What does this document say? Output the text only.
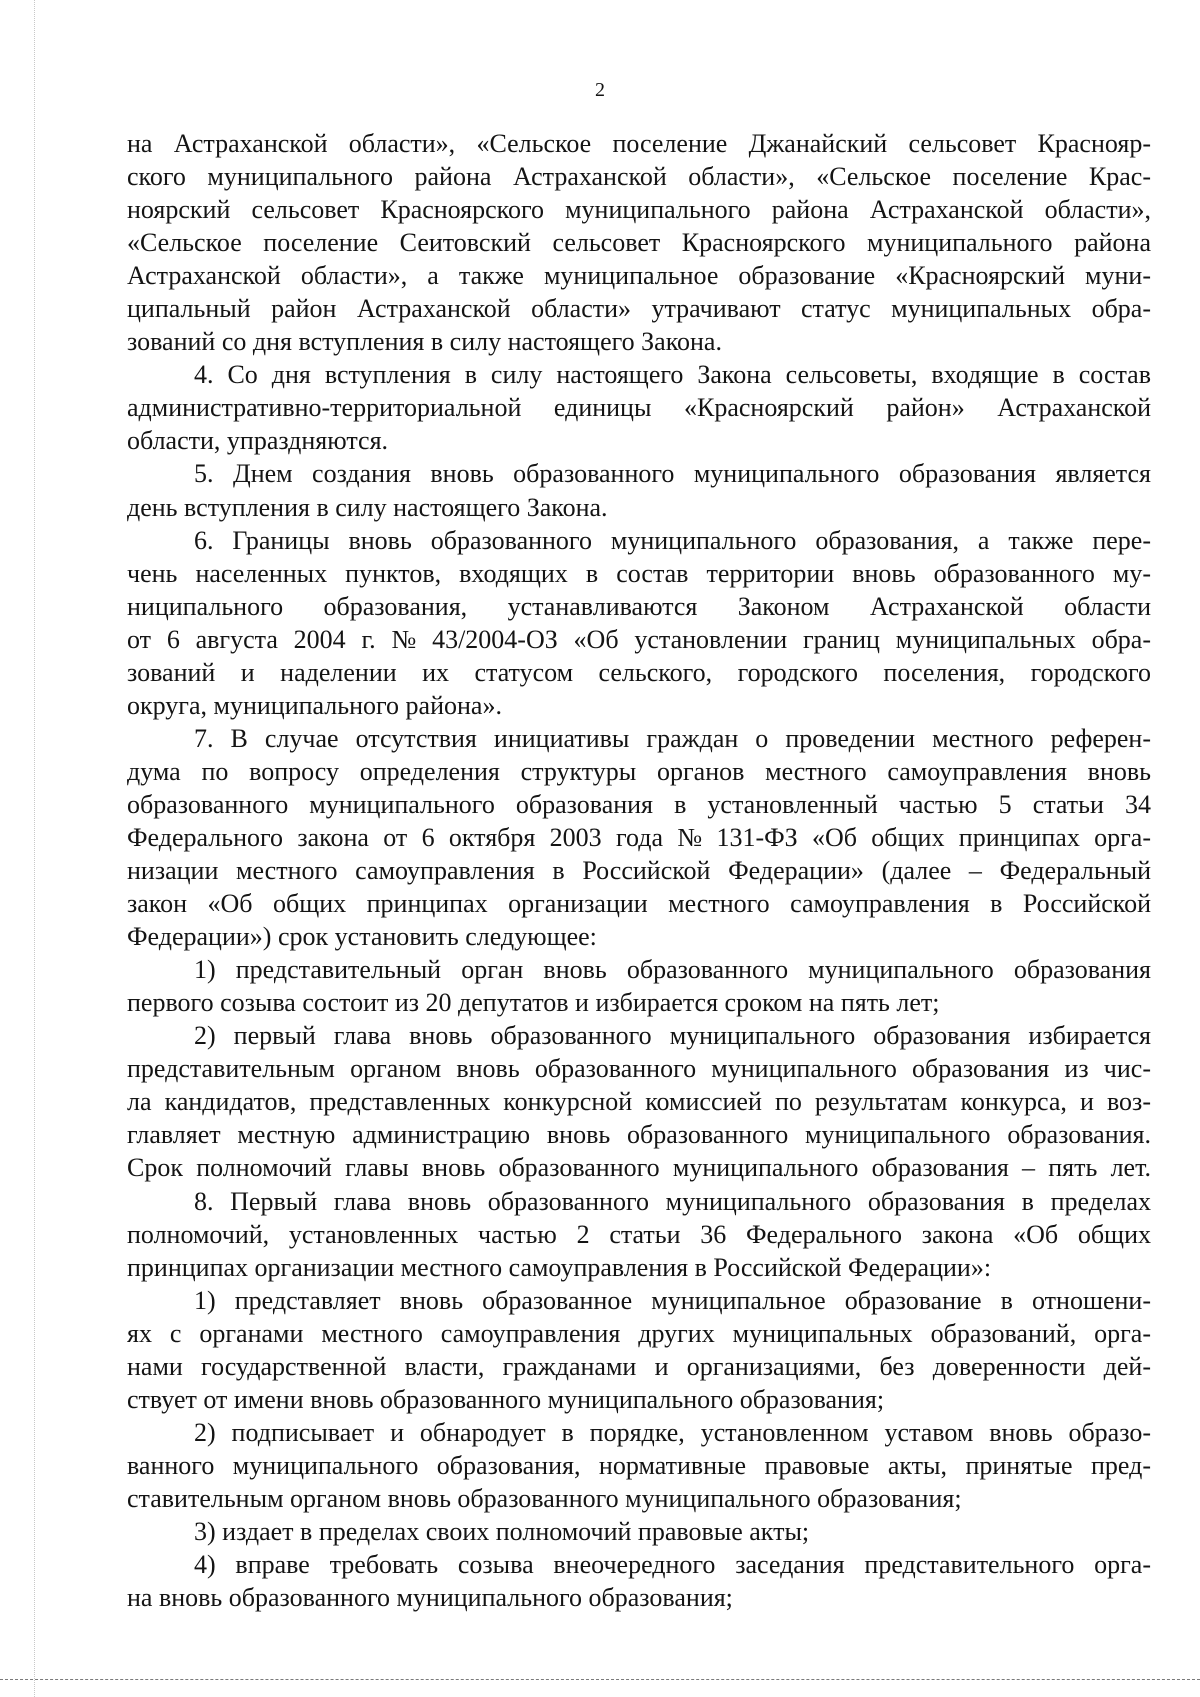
2
на Астраханской области», «Сельское поселение Джанайский сельсовет Краснояр-
ского муниципального района Астраханской области», «Сельское поселение Крас-
ноярский сельсовет Красноярского муниципального района Астраханской области»,
«Сельское поселение Сеитовский сельсовет Красноярского муниципального района
Астраханской области», а также муниципальное образование «Красноярский муни-
ципальный район Астраханской области» утрачивают статус муниципальных обра-
зований со дня вступления в силу настоящего Закона.
4. Со дня вступления в силу настоящего Закона сельсоветы, входящие в состав
административно-территориальной единицы «Красноярский район» Астраханской
области, упраздняются.
5. Днем создания вновь образованного муниципального образования является
день вступления в силу настоящего Закона.
6. Границы вновь образованного муниципального образования, а также пере-
чень населенных пунктов, входящих в состав территории вновь образованного му-
ниципального образования, устанавливаются Законом Астраханской области
от 6 августа 2004 г. № 43/2004-ОЗ «Об установлении границ муниципальных обра-
зований и наделении их статусом сельского, городского поселения, городского
округа, муниципального района».
7. В случае отсутствия инициативы граждан о проведении местного референ-
дума по вопросу определения структуры органов местного самоуправления вновь
образованного муниципального образования в установленный частью 5 статьи 34
Федерального закона от 6 октября 2003 года № 131-ФЗ «Об общих принципах орга-
низации местного самоуправления в Российской Федерации» (далее – Федеральный
закон «Об общих принципах организации местного самоуправления в Российской
Федерации») срок установить следующее:
1) представительный орган вновь образованного муниципального образования
первого созыва состоит из 20 депутатов и избирается сроком на пять лет;
2) первый глава вновь образованного муниципального образования избирается
представительным органом вновь образованного муниципального образования из чис-
ла кандидатов, представленных конкурсной комиссией по результатам конкурса, и воз-
главляет местную администрацию вновь образованного муниципального образования.
Срок полномочий главы вновь образованного муниципального образования – пять лет.
8. Первый глава вновь образованного муниципального образования в пределах
полномочий, установленных частью 2 статьи 36 Федерального закона «Об общих
принципах организации местного самоуправления в Российской Федерации»:
1) представляет вновь образованное муниципальное образование в отношени-
ях с органами местного самоуправления других муниципальных образований, орга-
нами государственной власти, гражданами и организациями, без доверенности дей-
ствует от имени вновь образованного муниципального образования;
2) подписывает и обнародует в порядке, установленном уставом вновь образо-
ванного муниципального образования, нормативные правовые акты, принятые пред-
ставительным органом вновь образованного муниципального образования;
3) издает в пределах своих полномочий правовые акты;
4) вправе требовать созыва внеочередного заседания представительного орга-
на вновь образованного муниципального образования;
